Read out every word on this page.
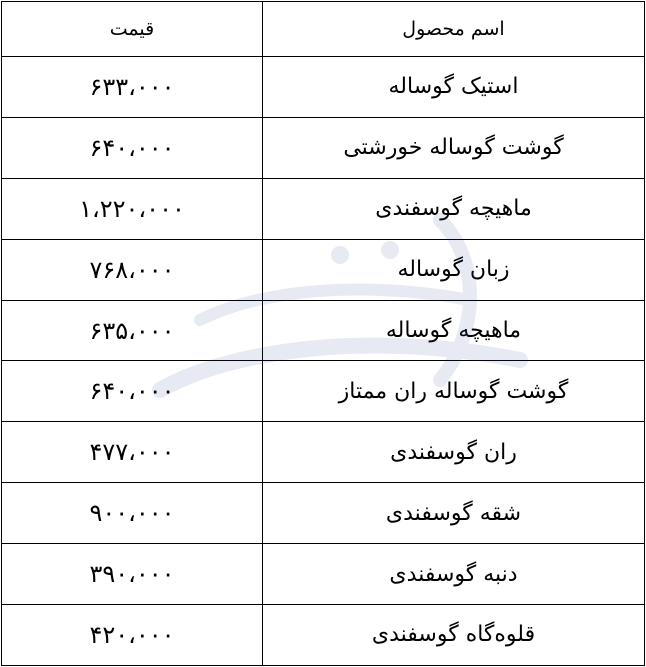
اسم محصول	قیمت
استیک گوساله	۶۳۳،۰۰۰
گوشت گوساله خورشتی	۶۴۰،۰۰۰
ماهیچه گوسفندی	۱،۲۲۰،۰۰۰
زبان گوساله	۷۶۸،۰۰۰
ماهیچه گوساله	۶۳۵،۰۰۰
گوشت گوساله ران ممتاز	۶۴۰،۰۰۰
ران گوسفندی	۴۷۷،۰۰۰
شقه گوسفندی	۹۰۰،۰۰۰
دنبه گوسفندی	۳۹۰،۰۰۰
قلوه‌گاه گوسفندی	۴۲۰،۰۰۰
